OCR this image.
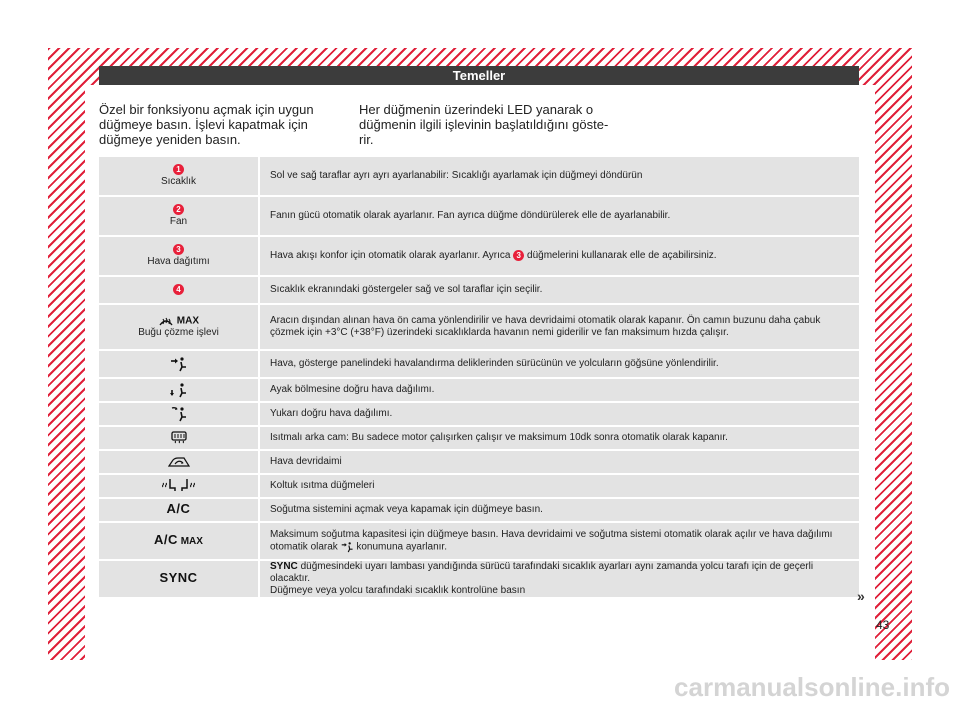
Temeller
Özel bir fonksiyonu açmak için uygun düğmeye basın. İşlevi kapatmak için düğmeye yeniden basın.
Her düğmenin üzerindeki LED yanarak o düğmenin ilgili işlevinin başlatıldığını göste-rir.
1
Sıcaklık	Sol ve sağ taraflar ayrı ayrı ayarlanabilir: Sıcaklığı ayarlamak için düğmeyi döndürün
2
Fan	Fanın gücü otomatik olarak ayarlanır. Fan ayrıca düğme döndürülerek elle de ayarlanabilir.
3
Hava dağıtımı	Hava akışı konfor için otomatik olarak ayarlanır. Ayrıca 3 düğmelerini kullanarak elle de açabilirsiniz.
4	Sıcaklık ekranındaki göstergeler sağ ve sol taraflar için seçilir.
MAX
Buğu çözme işlevi	Aracın dışından alınan hava ön cama yönlendirilir ve hava devridaimi otomatik olarak kapanır. Ön camın buzunu daha çabuk çözmek için +3°C (+38°F) üzerindeki sıcaklıklarda havanın nemi giderilir ve fan maksimum hızda çalışır.
	Hava, gösterge panelindeki havalandırma deliklerinden sürücünün ve yolcuların göğsüne yönlendirilir.
	Ayak bölmesine doğru hava dağılımı.
	Yukarı doğru hava dağılımı.
	Isıtmalı arka cam: Bu sadece motor çalışırken çalışır ve maksimum 10dk sonra otomatik olarak kapanır.
	Hava devridaimi
	Koltuk ısıtma düğmeleri
A/C	Soğutma sistemini açmak veya kapamak için düğmeye basın.
A/C MAX	Maksimum soğutma kapasitesi için düğmeye basın. Hava devridaimi ve soğutma sistemi otomatik olarak açılır ve hava dağılımı otomatik olarak konumuna ayarlanır.
SYNC	SYNC düğmesindeki uyarı lambası yandığında sürücü tarafındaki sıcaklık ayarları aynı zamanda yolcu tarafı için de geçerli olacaktır.
Düğmeye veya yolcu tarafındaki sıcaklık kontrolüne basın	»
43
carmanualsonline.info
